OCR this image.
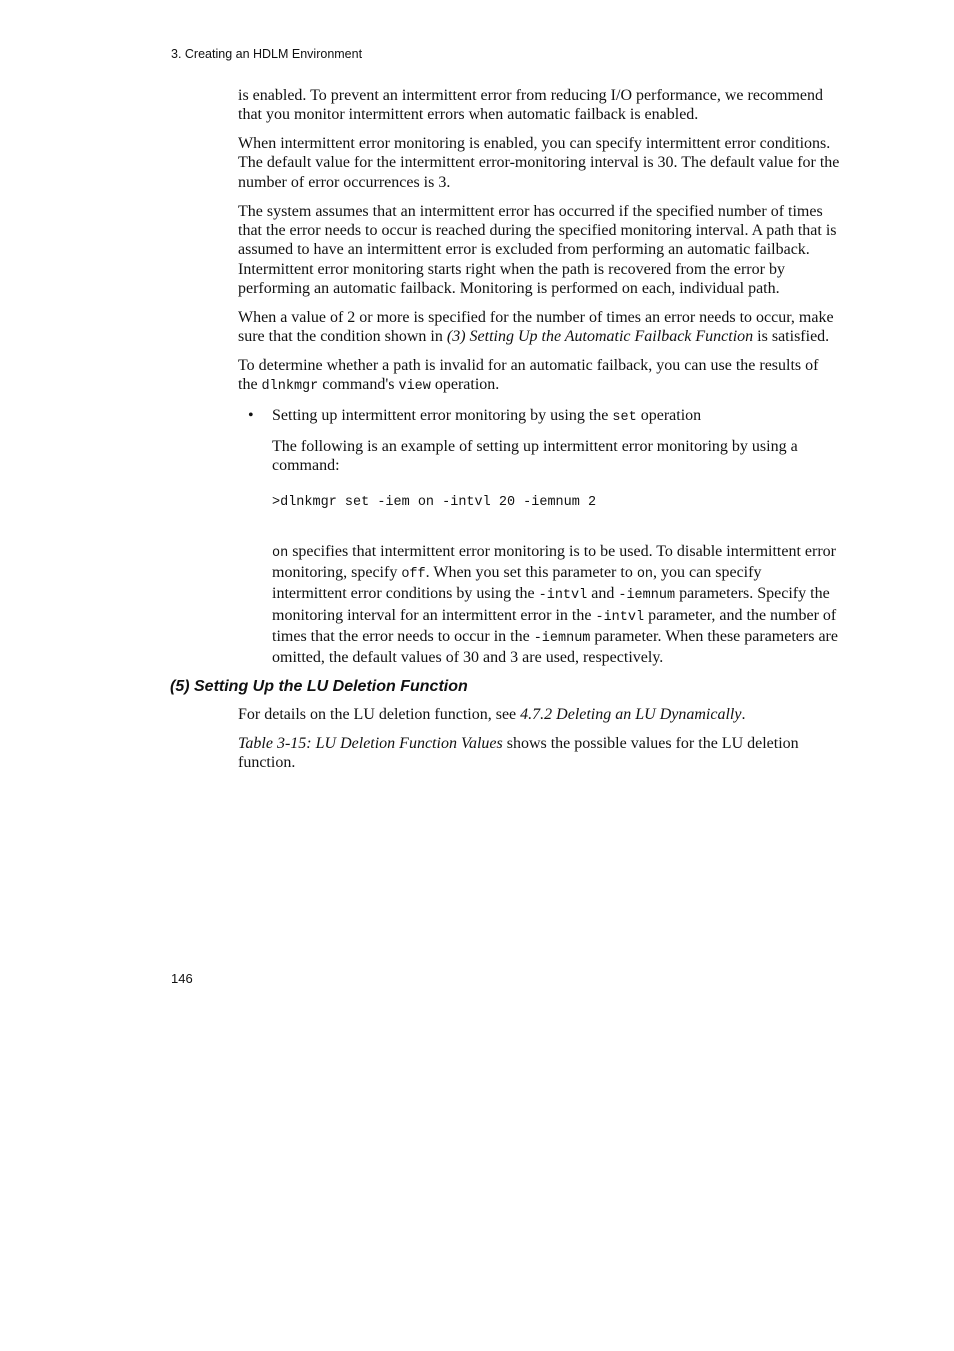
3. Creating an HDLM Environment

is enabled. To prevent an intermittent error from reducing I/O performance, we recommend that you monitor intermittent errors when automatic failback is enabled.

When intermittent error monitoring is enabled, you can specify intermittent error conditions. The default value for the intermittent error-monitoring interval is 30. The default value for the number of error occurrences is 3.

The system assumes that an intermittent error has occurred if the specified number of times that the error needs to occur is reached during the specified monitoring interval. A path that is assumed to have an intermittent error is excluded from performing an automatic failback. Intermittent error monitoring starts right when the path is recovered from the error by performing an automatic failback. Monitoring is performed on each, individual path.

When a value of 2 or more is specified for the number of times an error needs to occur, make sure that the condition shown in (3) Setting Up the Automatic Failback Function is satisfied.

To determine whether a path is invalid for an automatic failback, you can use the results of the dlnkmgr command's view operation.

• Setting up intermittent error monitoring by using the set operation

The following is an example of setting up intermittent error monitoring by using a command:

>dlnkmgr set -iem on -intvl 20 -iemnum 2

on specifies that intermittent error monitoring is to be used. To disable intermittent error monitoring, specify off. When you set this parameter to on, you can specify intermittent error conditions by using the -intvl and -iemnum parameters. Specify the monitoring interval for an intermittent error in the -intvl parameter, and the number of times that the error needs to occur in the -iemnum parameter. When these parameters are omitted, the default values of 30 and 3 are used, respectively.

(5) Setting Up the LU Deletion Function

For details on the LU deletion function, see 4.7.2 Deleting an LU Dynamically.

Table 3-15: LU Deletion Function Values shows the possible values for the LU deletion function.

146
